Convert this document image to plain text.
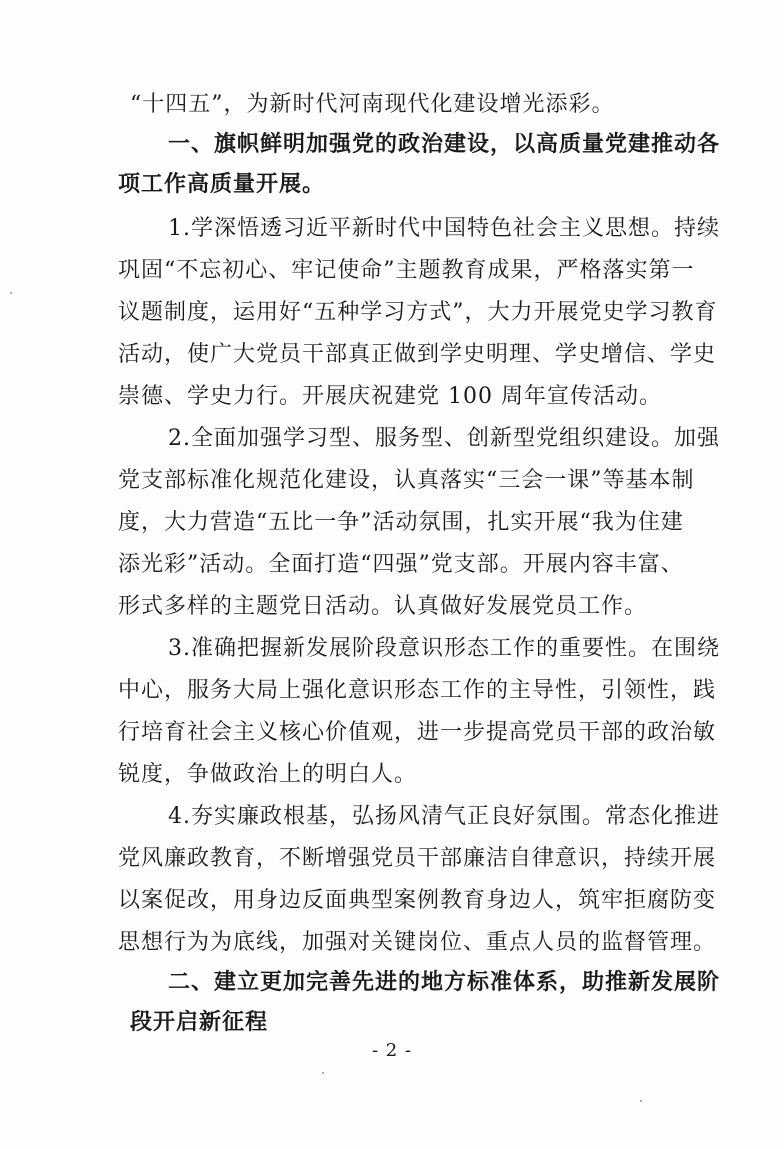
“十四五”，为新时代河南现代化建设增光添彩。
一、旗帜鲜明加强党的政治建设，以高质量党建推动各
项工作高质量开展。
1.学深悟透习近平新时代中国特色社会主义思想。持续
巩固“不忘初心、牢记使命”主题教育成果，严格落实第一
议题制度，运用好“五种学习方式”，大力开展党史学习教育
活动，使广大党员干部真正做到学史明理、学史增信、学史
崇德、学史力行。开展庆祝建党 100 周年宣传活动。
2.全面加强学习型、服务型、创新型党组织建设。加强
党支部标准化规范化建设，认真落实“三会一课”等基本制
度，大力营造“五比一争”活动氛围，扎实开展“我为住建
添光彩”活动。全面打造“四强”党支部。开展内容丰富、
形式多样的主题党日活动。认真做好发展党员工作。
3.准确把握新发展阶段意识形态工作的重要性。在围绕
中心，服务大局上强化意识形态工作的主导性，引领性，践
行培育社会主义核心价值观，进一步提高党员干部的政治敏
锐度，争做政治上的明白人。
4.夯实廉政根基，弘扬风清气正良好氛围。常态化推进
党风廉政教育，不断增强党员干部廉洁自律意识，持续开展
以案促改，用身边反面典型案例教育身边人，筑牢拒腐防变
思想行为为底线，加强对关键岗位、重点人员的监督管理。
二、建立更加完善先进的地方标准体系，助推新发展阶
段开启新征程
- 2 -
